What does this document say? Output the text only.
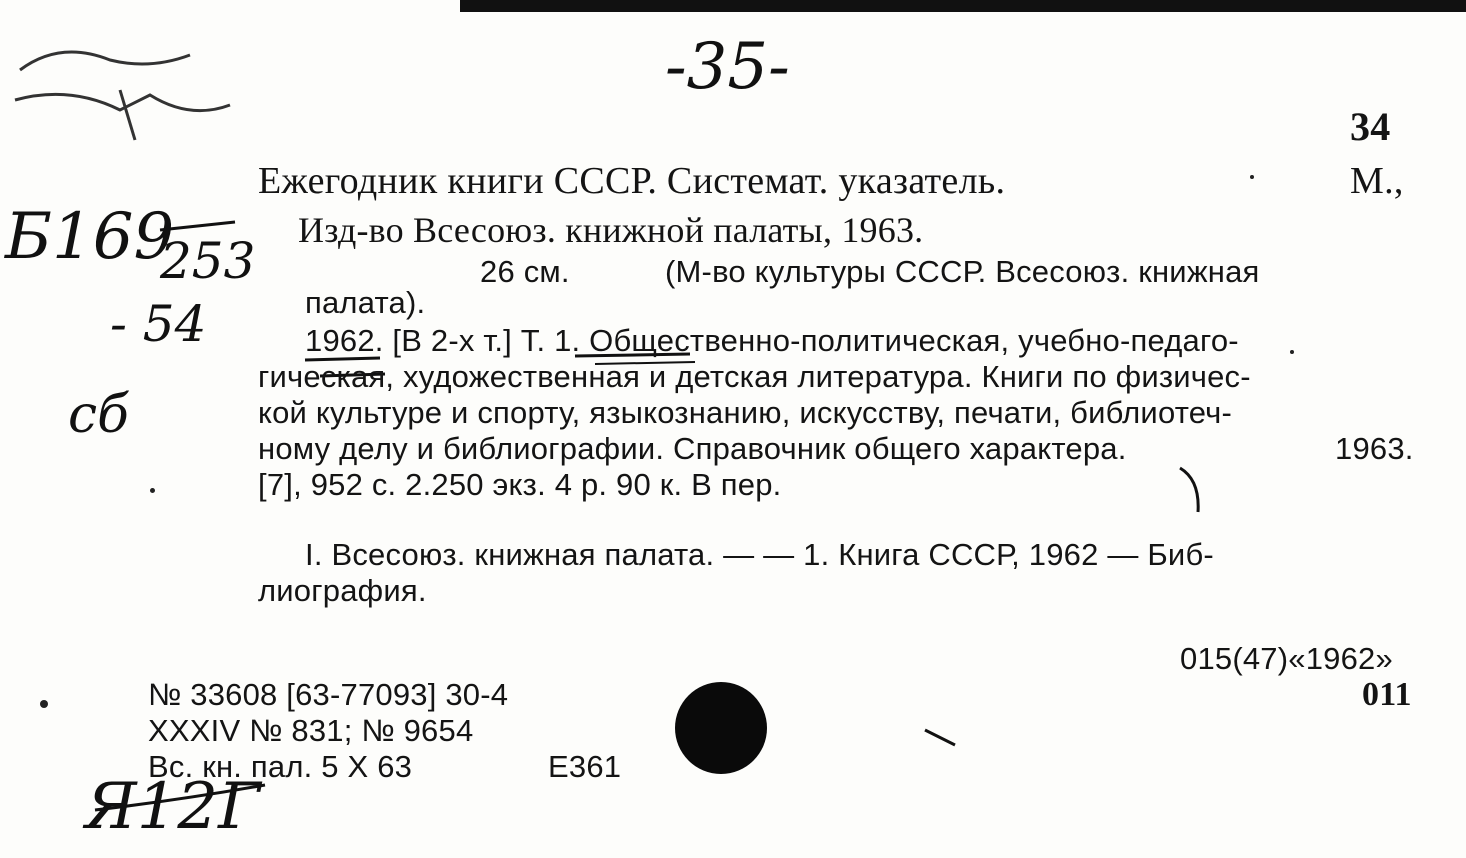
-35-
Б169
253
- 54
сб
Я12Г
34
Ежегодник книги СССР. Системат. указатель.	М.,
Изд-во Всесоюз. книжной палаты, 1963.
26 см.	(М-во культуры СССР. Всесоюз. книжная
палата).
1962. [В 2-х т.] Т. 1. Общественно-политическая, учебно-педаго-
гическая, художественная и детская литература. Книги по физичес-
кой культуре и спорту, языкознанию, искусству, печати, библиотеч-
ному делу и библиографии. Справочник общего характера.	1963.
[7], 952 с. 2.250 экз. 4 р. 90 к. В пер.
I. Всесоюз. книжная палата. — — 1. Книга СССР, 1962 — Биб-
лиография.
015(47)«1962»
011
№ 33608 [63-77093] 30-4
XXXIV № 831; № 9654
Вс. кн. пал. 5 X 63	Е361
